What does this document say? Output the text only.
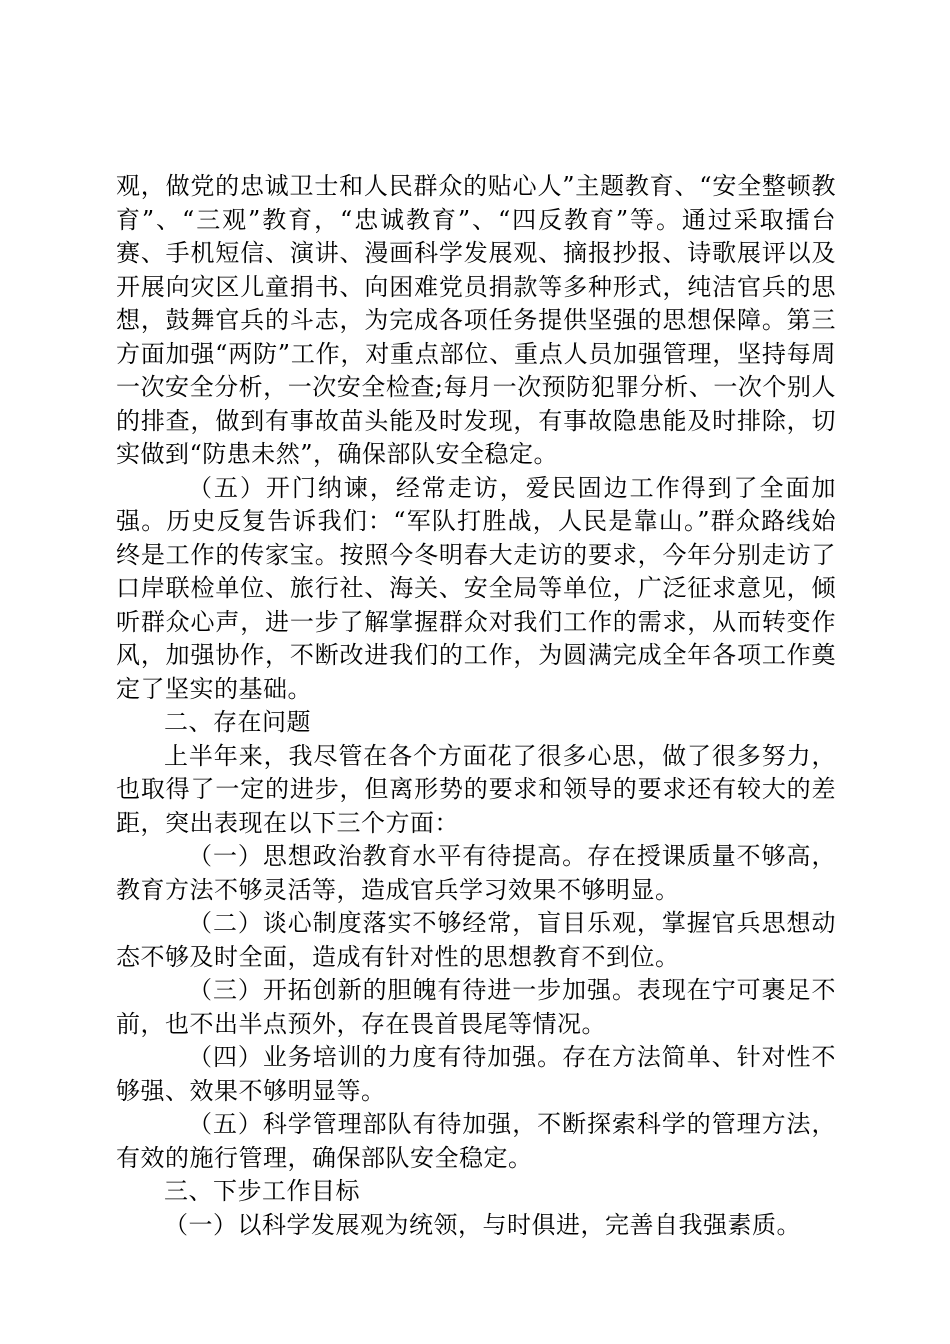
观，做党的忠诚卫士和人民群众的贴心人”主题教育、“安全整顿教育”、“三观”教育，“忠诚教育”、“四反教育”等。通过采取擂台赛、手机短信、演讲、漫画科学发展观、摘报抄报、诗歌展评以及开展向灾区儿童捐书、向困难党员捐款等多种形式，纯洁官兵的思想，鼓舞官兵的斗志，为完成各项任务提供坚强的思想保障。第三方面加强“两防”工作，对重点部位、重点人员加强管理，坚持每周一次安全分析，一次安全检查;每月一次预防犯罪分析、一次个别人的排查，做到有事故苗头能及时发现，有事故隐患能及时排除，切实做到“防患未然”，确保部队安全稳定。

（五）开门纳谏，经常走访，爱民固边工作得到了全面加强。历史反复告诉我们：“军队打胜战，人民是靠山。”群众路线始终是工作的传家宝。按照今冬明春大走访的要求，今年分别走访了口岸联检单位、旅行社、海关、安全局等单位，广泛征求意见，倾听群众心声，进一步了解掌握群众对我们工作的需求，从而转变作风，加强协作，不断改进我们的工作，为圆满完成全年各项工作奠定了坚实的基础。

二、存在问题

上半年来，我尽管在各个方面花了很多心思，做了很多努力，也取得了一定的进步，但离形势的要求和领导的要求还有较大的差距，突出表现在以下三个方面：

（一）思想政治教育水平有待提高。存在授课质量不够高，教育方法不够灵活等，造成官兵学习效果不够明显。

（二）谈心制度落实不够经常，盲目乐观，掌握官兵思想动态不够及时全面，造成有针对性的思想教育不到位。

（三）开拓创新的胆魄有待进一步加强。表现在宁可裹足不前，也不出半点预外，存在畏首畏尾等情况。

（四）业务培训的力度有待加强。存在方法简单、针对性不够强、效果不够明显等。

（五）科学管理部队有待加强，不断探索科学的管理方法，有效的施行管理，确保部队安全稳定。

三、下步工作目标

（一）以科学发展观为统领，与时俱进，完善自我强素质。
